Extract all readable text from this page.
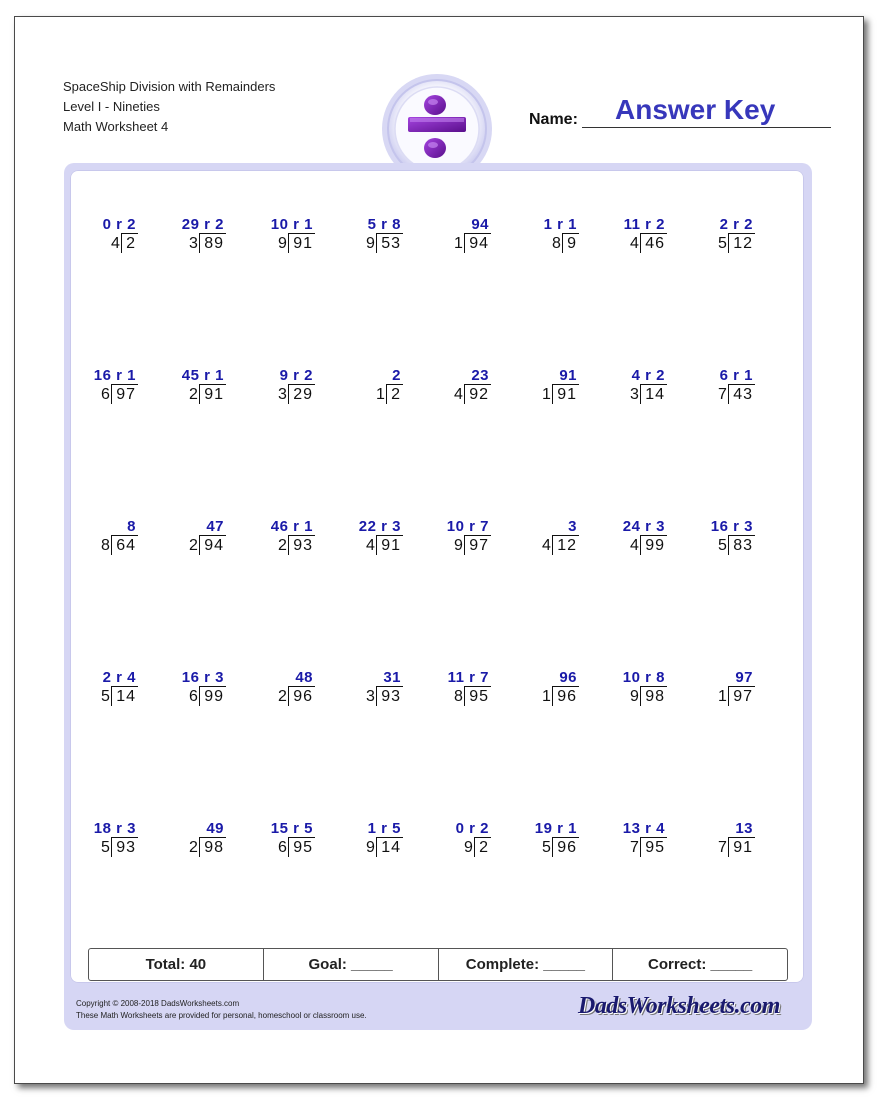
SpaceShip Division with Remainders
Level I - Nineties
Math Worksheet 4	Name: Answer Key
0 r 2
2
4
29 r 2
89
3
10 r 1
91
9
5 r 8
53
9
94
94
1
1 r 1
9
8
11 r 2
46
4
2 r 2
12
5
16 r 1
97
6
45 r 1
91
2
9 r 2
29
3
2
2
1
23
92
4
91
91
1
4 r 2
14
3
6 r 1
43
7
8
64
8
47
94
2
46 r 1
93
2
22 r 3
91
4
10 r 7
97
9
3
12
4
24 r 3
99
4
16 r 3
83
5
2 r 4
14
5
16 r 3
99
6
48
96
2
31
93
3
11 r 7
95
8
96
96
1
10 r 8
98
9
97
97
1
18 r 3
93
5
49
98
2
15 r 5
95
6
1 r 5
14
9
0 r 2
2
9
19 r 1
96
5
13 r 4
95
7
13
91
7
Total: 40	Goal: _____	Complete: _____	Correct: _____
Copyright © 2008-2018 DadsWorksheets.com
These Math Worksheets are provided for personal, homeschool or classroom use.	DadsWorksheets.com
